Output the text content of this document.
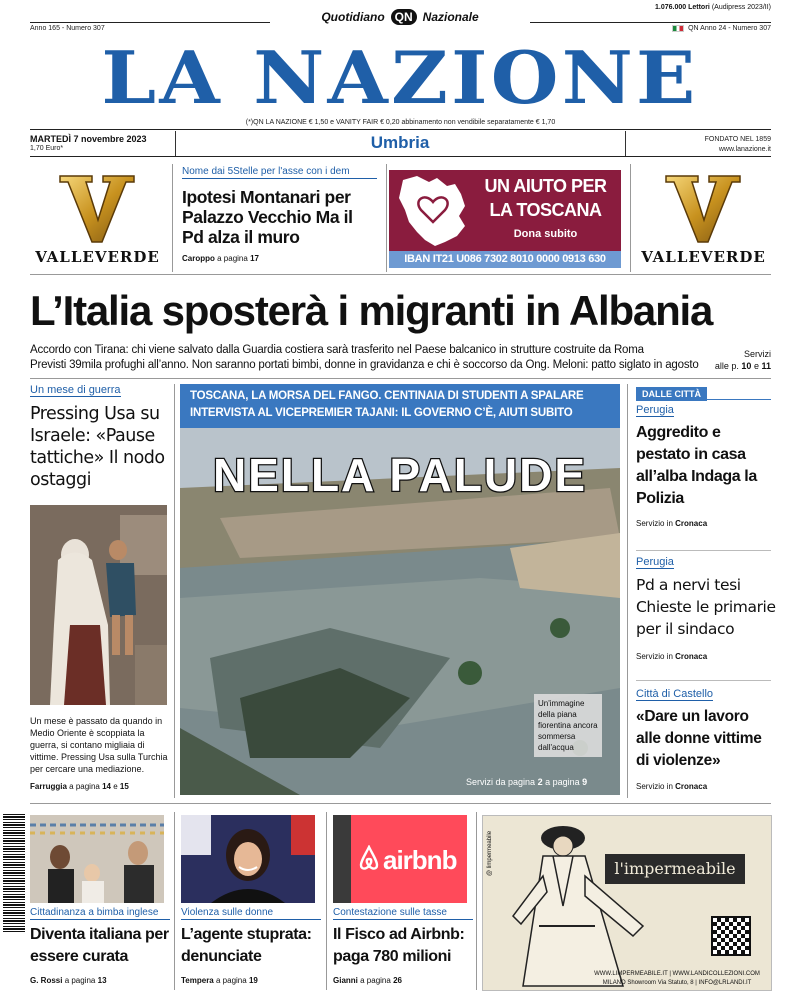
Quotidiano QN Nazionale
1.076.000 Lettori (Audipress 2023/II)
Anno 165 - Numero 307	QN Anno 24 - Numero 307
LA NAZIONE
(*)QN LA NAZIONE € 1,50 e VANITY FAIR € 0,20 abbinamento non vendibile separatamente € 1,70
MARTEDÌ 7 novembre 2023
1,70 Euro*	Umbria	FONDATO NEL 1859
www.lanazione.it
VALLEVERDE
Nome dai 5Stelle per l'asse con i dem
Ipotesi Montanari per Palazzo Vecchio Ma il Pd alza il muro
Caroppo a pagina 17
UN AIUTO PER
LA TOSCANA
Dona subito
IBAN IT21 U086 7302 8010 0000 0913 630	VALLEVERDE
L’Italia sposterà i migranti in Albania
Accordo con Tirana: chi viene salvato dalla Guardia costiera sarà trasferito nel Paese balcanico in strutture costruite da Roma
Previsti 39mila profughi all’anno. Non saranno portati bimbi, donne in gravidanza e chi è soccorso da Ong. Meloni: patto siglato in agosto
Servizi
alle p. 10 e 11
Un mese di guerra
Pressing Usa su Israele: «Pause tattiche» Il nodo ostaggi
Un mese è passato da quando in Medio Oriente è scoppiata la guerra, si contano migliaia di vittime. Pressing Usa sulla Turchia per cercare una mediazione.
Farruggia a pagina 14 e 15
TOSCANA, LA MORSA DEL FANGO. CENTINAIA DI STUDENTI A SPALARE
INTERVISTA AL VICEPREMIER TAJANI: IL GOVERNO C’È, AIUTI SUBITO
NELLA PALUDE
Un'immagine della piana fiorentina ancora sommersa dall'acqua
Servizi da pagina 2 a pagina 9
DALLE CITTÀ
Perugia
Aggredito e pestato in casa all’alba Indaga la Polizia
Servizio in Cronaca
Perugia
Pd a nervi tesi Chieste le primarie per il sindaco
Servizio in Cronaca
Città di Castello
«Dare un lavoro alle donne vittime di violenze»
Servizio in Cronaca
Cittadinanza a bimba inglese
Diventa italiana per essere curata
G. Rossi a pagina 13
Violenza sulle donne
L’agente stuprata: denunciate
Tempera a pagina 19
airbnb
Contestazione sulle tasse
Il Fisco ad Airbnb: paga 780 milioni
Gianni a pagina 26
@ limpermeabile	l'impermeabile
WWW.LIMPERMEABILE.IT | WWW.LANDICOLLEZIONI.COM
MILANO Showroom Via Statuto, 8 | INFO@LRLANDI.IT
